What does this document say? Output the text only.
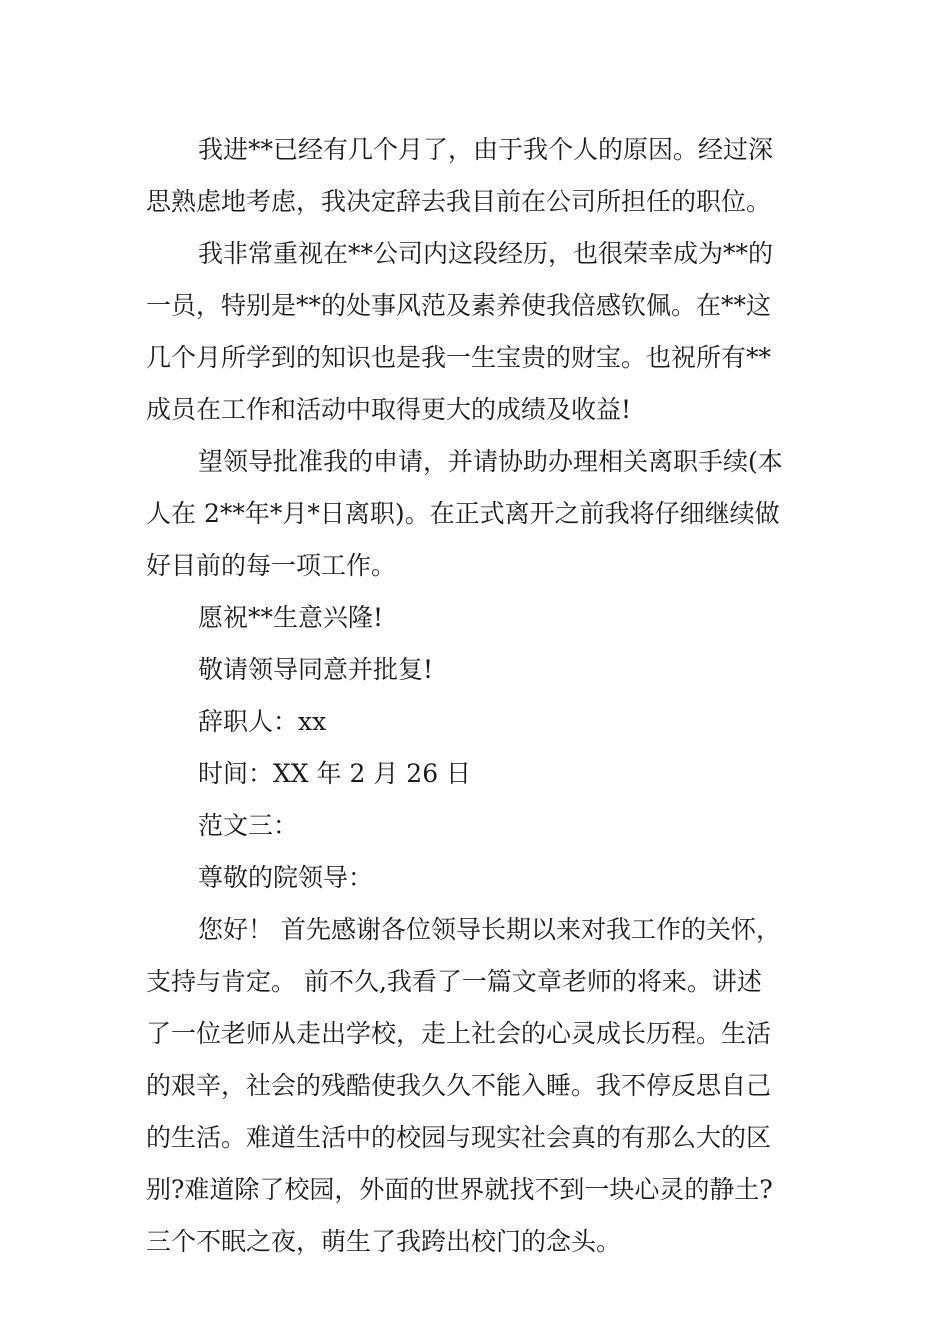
我进**已经有几个月了，由于我个人的原因。经过深
思熟虑地考虑，我决定辞去我目前在公司所担任的职位。

我非常重视在**公司内这段经历，也很荣幸成为**的
一员，特别是**的处事风范及素养使我倍感钦佩。在**这
几个月所学到的知识也是我一生宝贵的财宝。也祝所有**
成员在工作和活动中取得更大的成绩及收益!

望领导批准我的申请，并请协助办理相关离职手续(本
人在 2**年*月*日离职)。在正式离开之前我将仔细继续做
好目前的每一项工作。

愿祝**生意兴隆!

敬请领导同意并批复!

辞职人：xx

时间：XX 年 2 月 26 日

范文三：

尊敬的院领导：

您好！ 首先感谢各位领导长期以来对我工作的关怀，
支持与肯定。 前不久,我看了一篇文章老师的将来。讲述
了一位老师从走出学校，走上社会的心灵成长历程。生活
的艰辛，社会的残酷使我久久不能入睡。我不停反思自己
的生活。难道生活中的校园与现实社会真的有那么大的区
别?难道除了校园，外面的世界就找不到一块心灵的静土?
三个不眠之夜，萌生了我跨出校门的念头。
